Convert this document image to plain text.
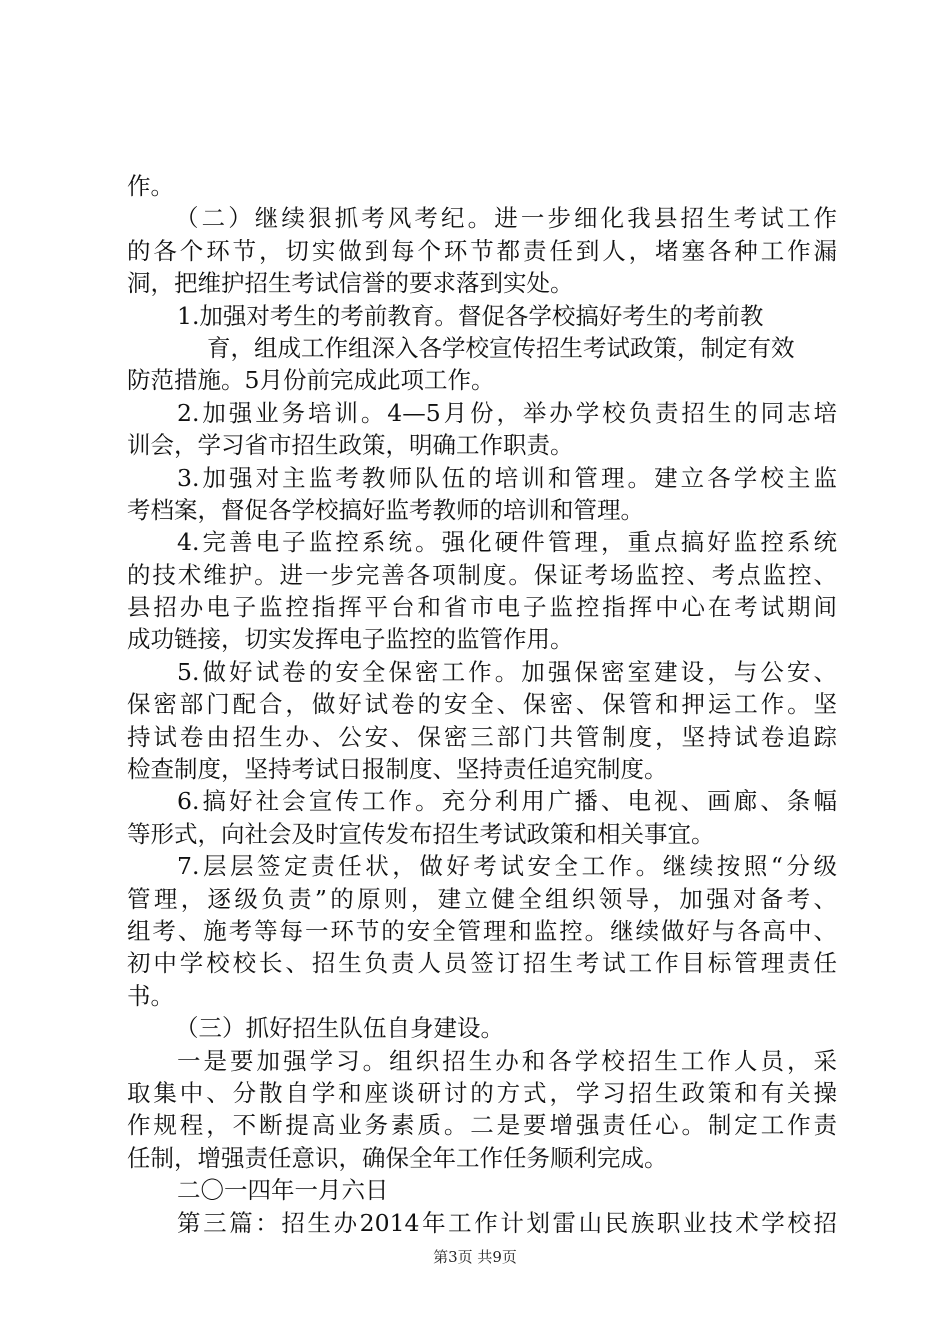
作。
（二）继续狠抓考风考纪。进一步细化我县招生考试工作
的各个环节，切实做到每个环节都责任到人，堵塞各种工作漏
洞，把维护招生考试信誉的要求落到实处。
1.加强对考生的考前教育。督促各学校搞好考生的考前教
育，组成工作组深入各学校宣传招生考试政策，制定有效
防范措施。5月份前完成此项工作。
2.加强业务培训。4—5月份，举办学校负责招生的同志培
训会，学习省市招生政策，明确工作职责。
3.加强对主监考教师队伍的培训和管理。建立各学校主监
考档案，督促各学校搞好监考教师的培训和管理。
4.完善电子监控系统。强化硬件管理，重点搞好监控系统
的技术维护。进一步完善各项制度。保证考场监控、考点监控、
县招办电子监控指挥平台和省市电子监控指挥中心在考试期间
成功链接，切实发挥电子监控的监管作用。
5.做好试卷的安全保密工作。加强保密室建设，与公安、
保密部门配合，做好试卷的安全、保密、保管和押运工作。坚
持试卷由招生办、公安、保密三部门共管制度，坚持试卷追踪
检查制度，坚持考试日报制度、坚持责任追究制度。
6.搞好社会宣传工作。充分利用广播、电视、画廊、条幅
等形式，向社会及时宣传发布招生考试政策和相关事宜。
7.层层签定责任状，做好考试安全工作。继续按照“分级
管理，逐级负责”的原则，建立健全组织领导，加强对备考、
组考、施考等每一环节的安全管理和监控。继续做好与各高中、
初中学校校长、招生负责人员签订招生考试工作目标管理责任
书。
（三）抓好招生队伍自身建设。
一是要加强学习。组织招生办和各学校招生工作人员，采
取集中、分散自学和座谈研讨的方式，学习招生政策和有关操
作规程，不断提高业务素质。二是要增强责任心。制定工作责
任制，增强责任意识，确保全年工作任务顺利完成。
二〇一四年一月六日
第三篇：招生办2014年工作计划雷山民族职业技术学校招
第3页 共9页
